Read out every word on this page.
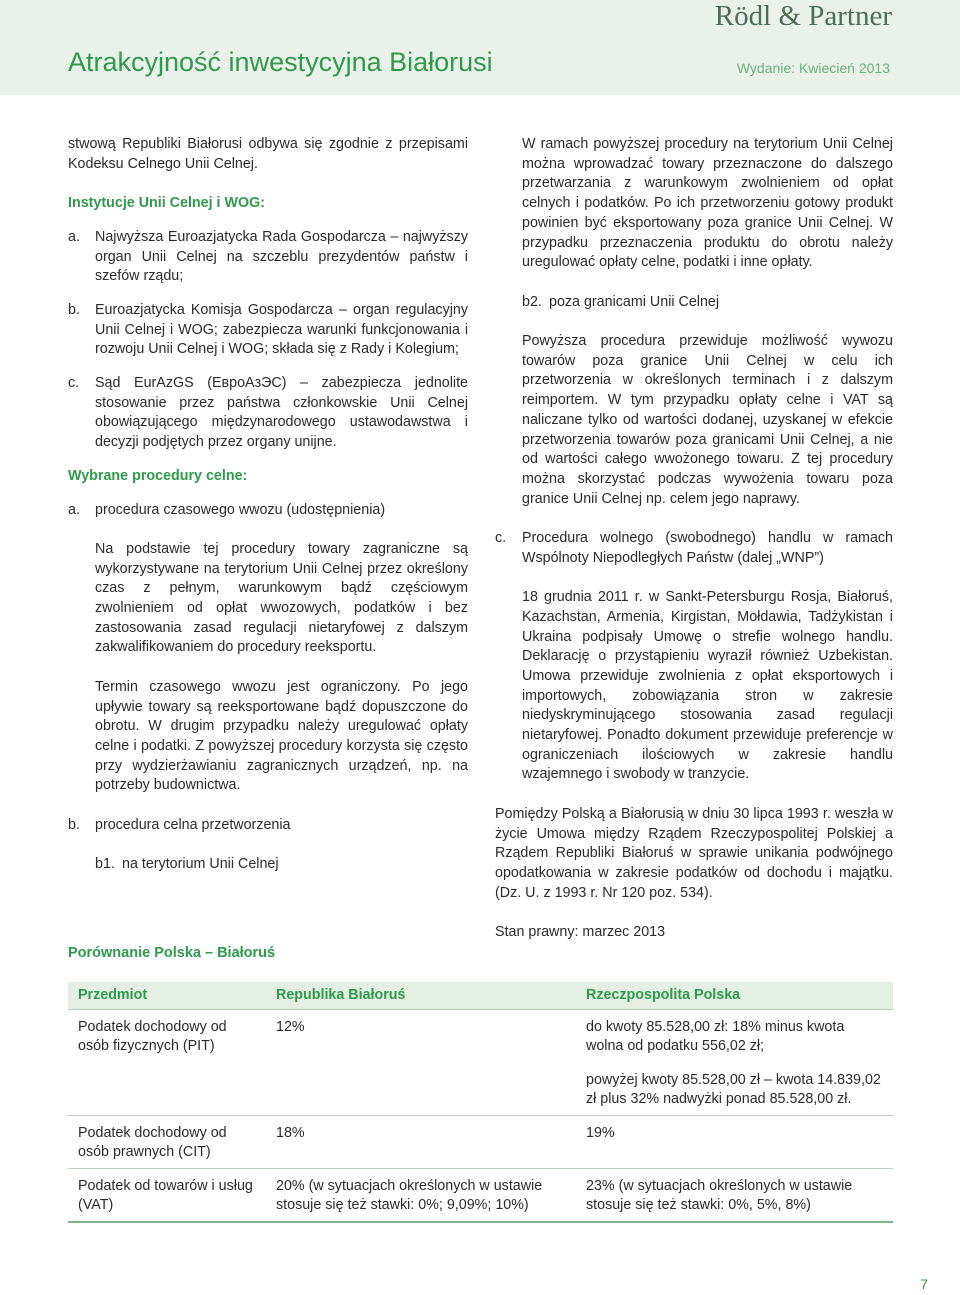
Rödl & Partner
Atrakcyjność inwestycyjna Białorusi	Wydanie: Kwiecień 2013

stwową Republiki Białorusi odbywa się zgodnie z przepisami Kodeksu Celnego Unii Celnej.

Instytucje Unii Celnej i WOG:
a.	Najwyższa Euroazjatycka Rada Gospodarcza – najwyższy organ Unii Celnej na szczeblu prezydentów państw i szefów rządu;
b.	Euroazjatycka Komisja Gospodarcza – organ regulacyjny Unii Celnej i WOG; zabezpiecza warunki funkcjonowania i rozwoju Unii Celnej i WOG; składa się z Rady i Kolegium;
c.	Sąd EurAzGS (ЕвроАзЭС) – zabezpiecza jednolite stosowanie przez państwa członkowskie Unii Celnej obowiązującego międzynarodowego ustawodawstwa i decyzji podjętych przez organy unijne.
Wybrane procedury celne:
a.	procedura czasowego wwozu (udostępnienia)

Na podstawie tej procedury towary zagraniczne są wykorzystywane na terytorium Unii Celnej przez określony czas z pełnym, warunkowym bądź częściowym zwolnieniem od opłat wwozowych, podatków i bez zastosowania zasad regulacji nietaryfowej z dalszym zakwalifikowaniem do procedury reeksportu.

Termin czasowego wwozu jest ograniczony. Po jego upływie towary są reeksportowane bądź dopuszczone do obrotu. W drugim przypadku należy uregulować opłaty celne i podatki. Z powyższej procedury korzysta się często przy wydzierżawianiu zagranicznych urządzeń, np. na potrzeby budownictwa.

b.	procedura celna przetworzenia
b1. na terytorium Unii Celnej

W ramach powyższej procedury na terytorium Unii Celnej można wprowadzać towary przeznaczone do dalszego przetwarzania z warunkowym zwolnieniem od opłat celnych i podatków. Po ich przetworzeniu gotowy produkt powinien być eksportowany poza granice Unii Celnej. W przypadku przeznaczenia produktu do obrotu należy uregulować opłaty celne, podatki i inne opłaty.

b2. poza granicami Unii Celnej

Powyższa procedura przewiduje możliwość wywozu towarów poza granice Unii Celnej w celu ich przetworzenia w określonych terminach i z dalszym reimportem. W tym przypadku opłaty celne i VAT są naliczane tylko od wartości dodanej, uzyskanej w efekcie przetworzenia towarów poza granicami Unii Celnej, a nie od wartości całego wwożonego towaru. Z tej procedury można skorzystać podczas wywożenia towaru poza granice Unii Celnej np. celem jego naprawy.

c.	Procedura wolnego (swobodnego) handlu w ramach Wspólnoty Niepodległych Państw (dalej „WNP”)

18 grudnia 2011 r. w Sankt-Petersburgu Rosja, Białoruś, Kazachstan, Armenia, Kirgistan, Mołdawia, Tadżykistan i Ukraina podpisały Umowę o strefie wolnego handlu. Deklarację o przystąpieniu wyraził również Uzbekistan. Umowa przewiduje zwolnienia z opłat eksportowych i importowych, zobowiązania stron w zakresie niedyskryminującego stosowania zasad regulacji nietaryfowej. Ponadto dokument przewiduje preferencje w ograniczeniach ilościowych w zakresie handlu wzajemnego i swobody w tranzycie.

Pomiędzy Polską a Białorusią w dniu 30 lipca 1993 r. weszła w życie Umowa między Rządem Rzeczypospolitej Polskiej a Rządem Republiki Białoruś w sprawie unikania podwójnego opodatkowania w zakresie podatków od dochodu i majątku. (Dz. U. z 1993 r. Nr 120 poz. 534).

Stan prawny: marzec 2013
Porównanie Polska – Białoruś
Przedmiot	Republika Białoruś	Rzeczpospolita Polska
Podatek dochodowy od osób fizycznych (PIT)	12%	do kwoty 85.528,00 zł: 18% minus kwota wolna od podatku 556,02 zł;
powyżej kwoty 85.528,00 zł – kwota 14.839,02 zł plus 32% nadwyżki ponad 85.528,00 zł.

Podatek dochodowy od osób prawnych (CIT)	18%	19%
Podatek od towarów i usług (VAT)	20% (w sytuacjach określonych w ustawie stosuje się też stawki: 0%; 9,09%; 10%)	23% (w sytuacjach określonych w ustawie stosuje się też stawki: 0%, 5%, 8%)
7
